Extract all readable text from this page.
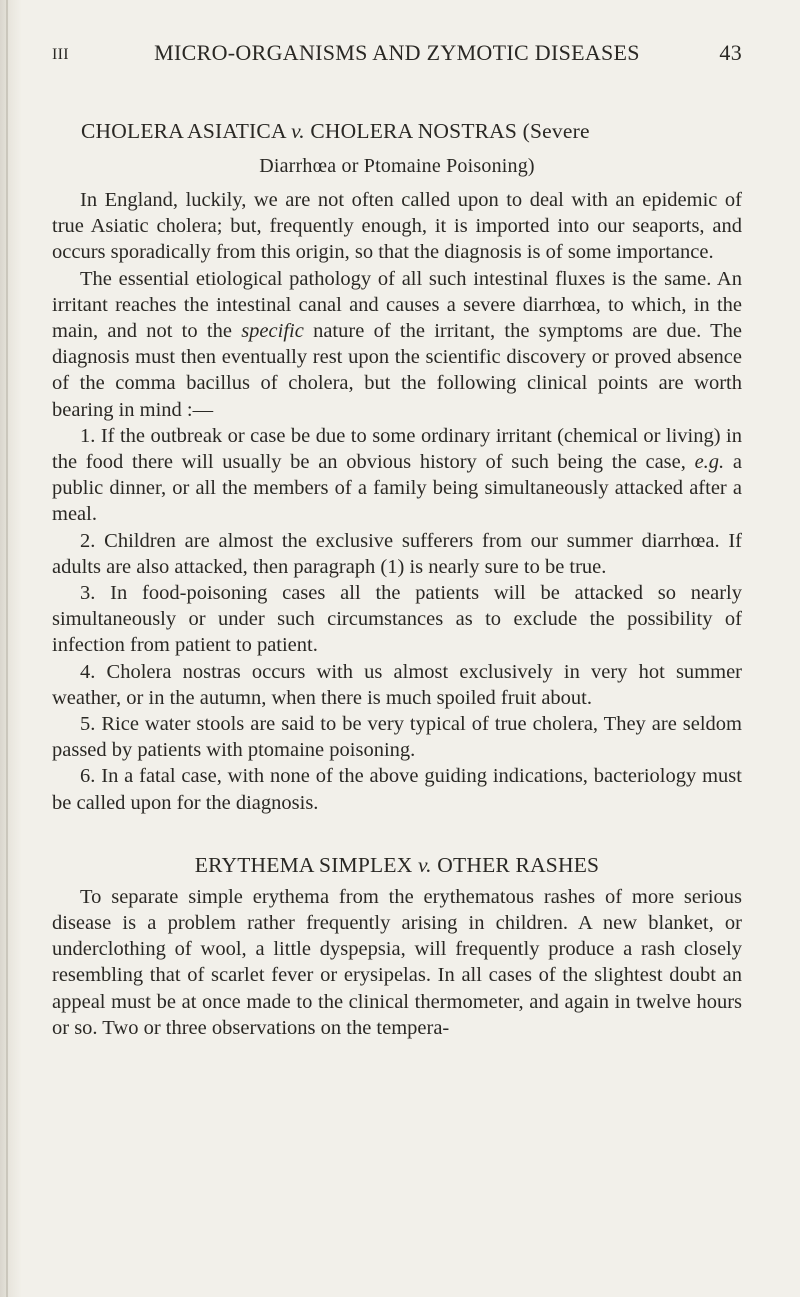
III	MICRO-ORGANISMS AND ZYMOTIC DISEASES	43
CHOLERA ASIATICA v. CHOLERA NOSTRAS (Severe
Diarrhœa or Ptomaine Poisoning)

In England, luckily, we are not often called upon to deal with an epidemic of true Asiatic cholera; but, frequently enough, it is imported into our seaports, and occurs sporadically from this origin, so that the diagnosis is of some importance.

The essential etiological pathology of all such intestinal fluxes is the same. An irritant reaches the intestinal canal and causes a severe diarrhœa, to which, in the main, and not to the specific nature of the irritant, the symptoms are due. The diagnosis must then eventually rest upon the scientific discovery or proved absence of the comma bacillus of cholera, but the following clinical points are worth bearing in mind :—

1. If the outbreak or case be due to some ordinary irritant (chemical or living) in the food there will usually be an obvious history of such being the case, e.g. a public dinner, or all the members of a family being simultaneously attacked after a meal.

2. Children are almost the exclusive sufferers from our summer diarrhœa. If adults are also attacked, then paragraph (1) is nearly sure to be true.

3. In food-poisoning cases all the patients will be attacked so nearly simultaneously or under such circumstances as to exclude the possibility of infection from patient to patient.

4. Cholera nostras occurs with us almost exclusively in very hot summer weather, or in the autumn, when there is much spoiled fruit about.

5. Rice water stools are said to be very typical of true cholera, They are seldom passed by patients with ptomaine poisoning.

6. In a fatal case, with none of the above guiding indications, bacteriology must be called upon for the diagnosis.

ERYTHEMA SIMPLEX v. OTHER RASHES

To separate simple erythema from the erythematous rashes of more serious disease is a problem rather frequently arising in children. A new blanket, or underclothing of wool, a little dyspepsia, will frequently produce a rash closely resembling that of scarlet fever or erysipelas. In all cases of the slightest doubt an appeal must be at once made to the clinical thermometer, and again in twelve hours or so. Two or three observations on the tempera-
